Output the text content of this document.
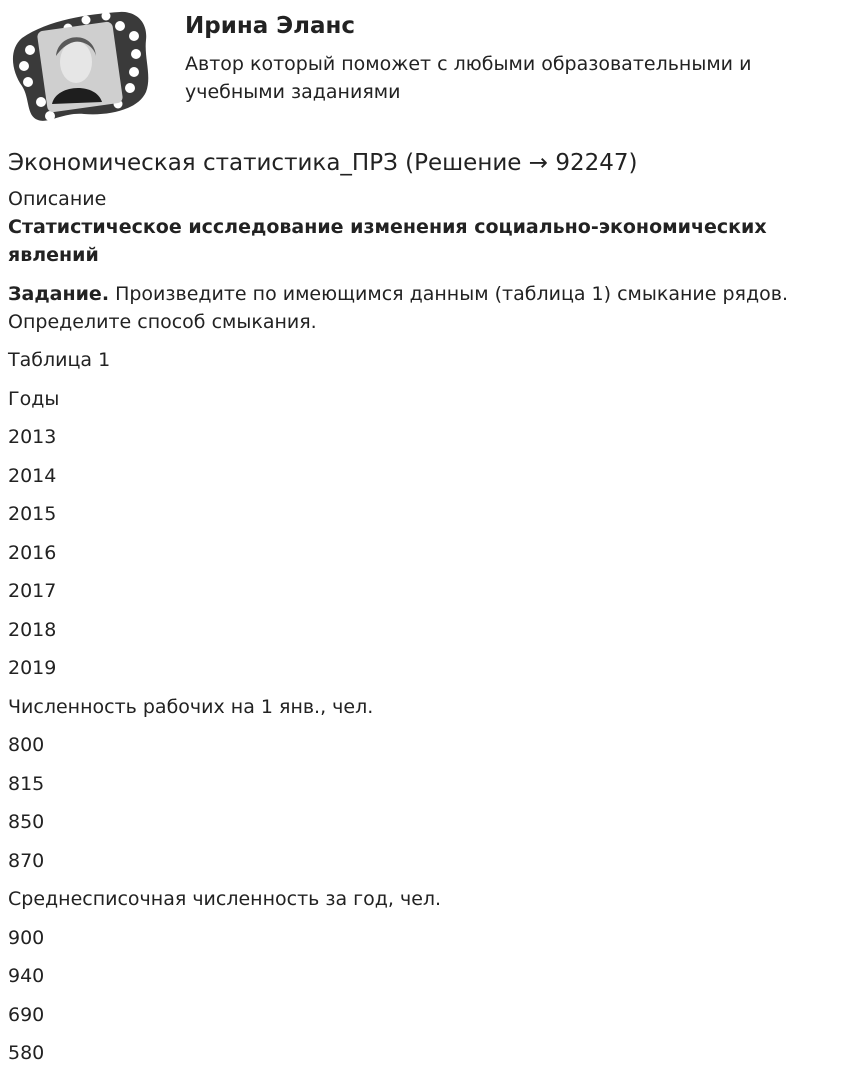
Ирина Эланс

Автор который поможет с любыми образовательными и учебными заданиями

Экономическая статистика_ПРЗ (Решение → 92247)

Описание

Статистическое исследование изменения социально-экономических явлений

Задание. Произведите по имеющимся данным (таблица 1) смыкание рядов. Определите способ смыкания.

Таблица 1

Годы

2013

2014

2015

2016

2017

2018

2019

Численность рабочих на 1 янв., чел.

800

815

850

870

Среднесписочная численность за год, чел.

900

940

690

580
